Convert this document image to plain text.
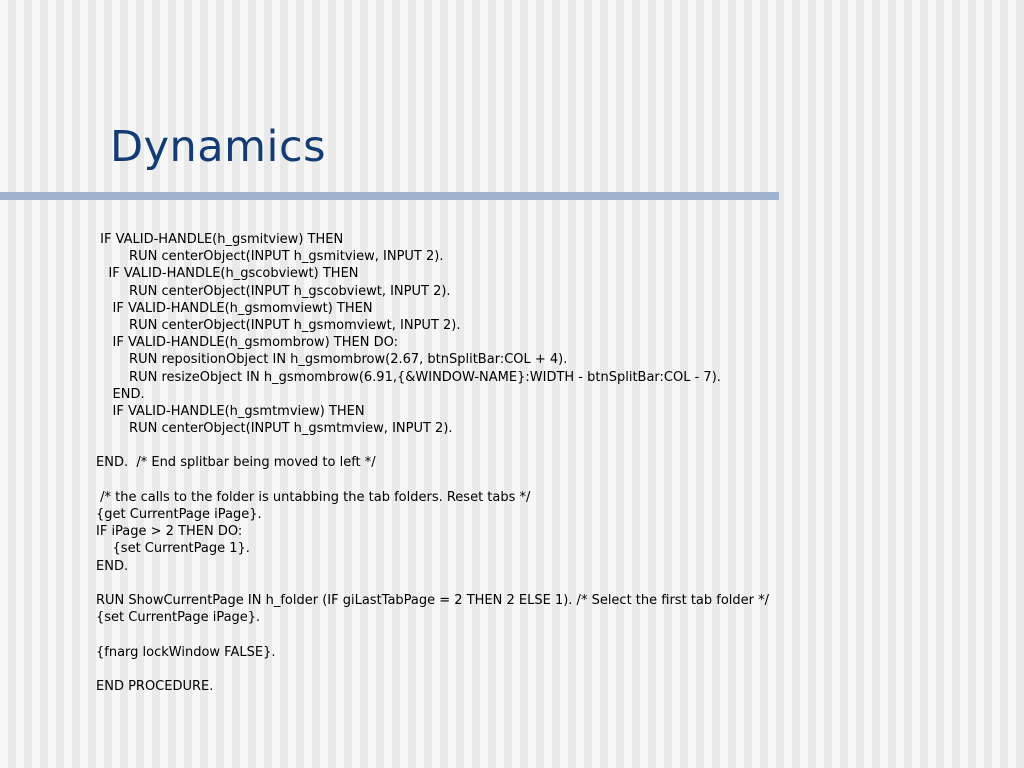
Dynamics
IF VALID-HANDLE(h_gsmitview) THEN
RUN centerObject(INPUT h_gsmitview, INPUT 2).
IF VALID-HANDLE(h_gscobviewt) THEN
RUN centerObject(INPUT h_gscobviewt, INPUT 2).
IF VALID-HANDLE(h_gsmomviewt) THEN
RUN centerObject(INPUT h_gsmomviewt, INPUT 2).
IF VALID-HANDLE(h_gsmombrow) THEN DO:
RUN repositionObject IN h_gsmombrow(2.67, btnSplitBar:COL + 4).
RUN resizeObject IN h_gsmombrow(6.91,{&WINDOW-NAME}:WIDTH - btnSplitBar:COL - 7).
END.
IF VALID-HANDLE(h_gsmtmview) THEN
RUN centerObject(INPUT h_gsmtmview, INPUT 2).
END.  /* End splitbar being moved to left */
/* the calls to the folder is untabbing the tab folders. Reset tabs */
{get CurrentPage iPage}.
IF iPage > 2 THEN DO:
{set CurrentPage 1}.
END.
RUN ShowCurrentPage IN h_folder (IF giLastTabPage = 2 THEN 2 ELSE 1). /* Select the first tab folder */
{set CurrentPage iPage}.
{fnarg lockWindow FALSE}.
END PROCEDURE.
